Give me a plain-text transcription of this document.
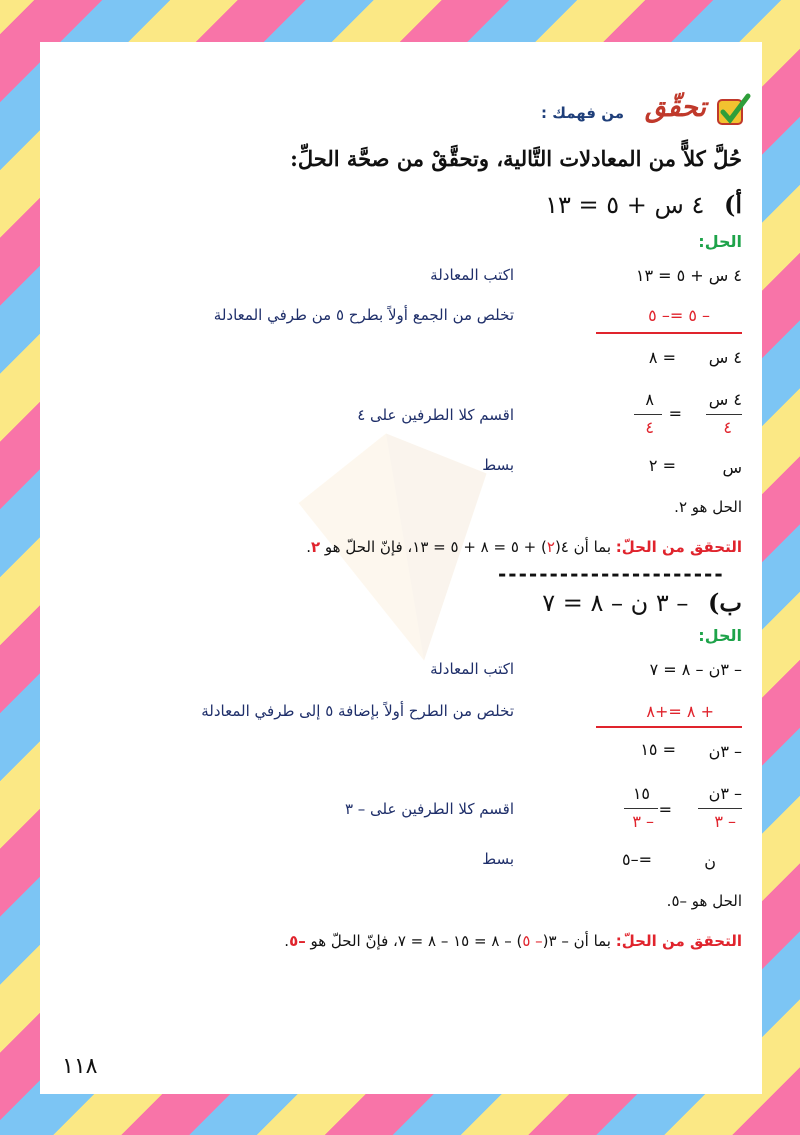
تحقّق
من فهمك :
حُلَّ كلاًّ من المعادلات التَّالية، وتحقَّقْ من صحَّة الحلِّ:
أ) ٤ س + ٥ = ١٣
الحل:
٤ س + ٥ = ١٣
اكتب المعادلة
– ٥ =– ٥
تخلص من الجمع أولاً بطرح ٥ من طرفي المعادلة
٤ س
= ٨
٤ س
٤
=
٨
٤
اقسم كلا الطرفين على ٤
س
= ٢
بسط
الحل هو ٢.
التحقق من الحلّ: بما أن ٤(٢) + ٥ = ٨ + ٥ = ١٣، فإنّ الحلّ هو ٢.
----------------------
ب) – ٣ ن – ٨ = ٧
الحل:
– ٣ن – ٨ = ٧
اكتب المعادلة
+ ٨ =+٨
تخلص من الطرح أولاً بإضافة ٥ إلى طرفي المعادلة
– ٣ن
= ١٥
– ٣ن
– ٣
=
١٥
– ٣
اقسم كلا الطرفين على – ٣
ن
=–٥
بسط
الحل هو –٥.
التحقق من الحلّ: بما أن – ٣(– ٥) – ٨ = ١٥ – ٨ = ٧، فإنّ الحلّ هو –٥.
١١٨
